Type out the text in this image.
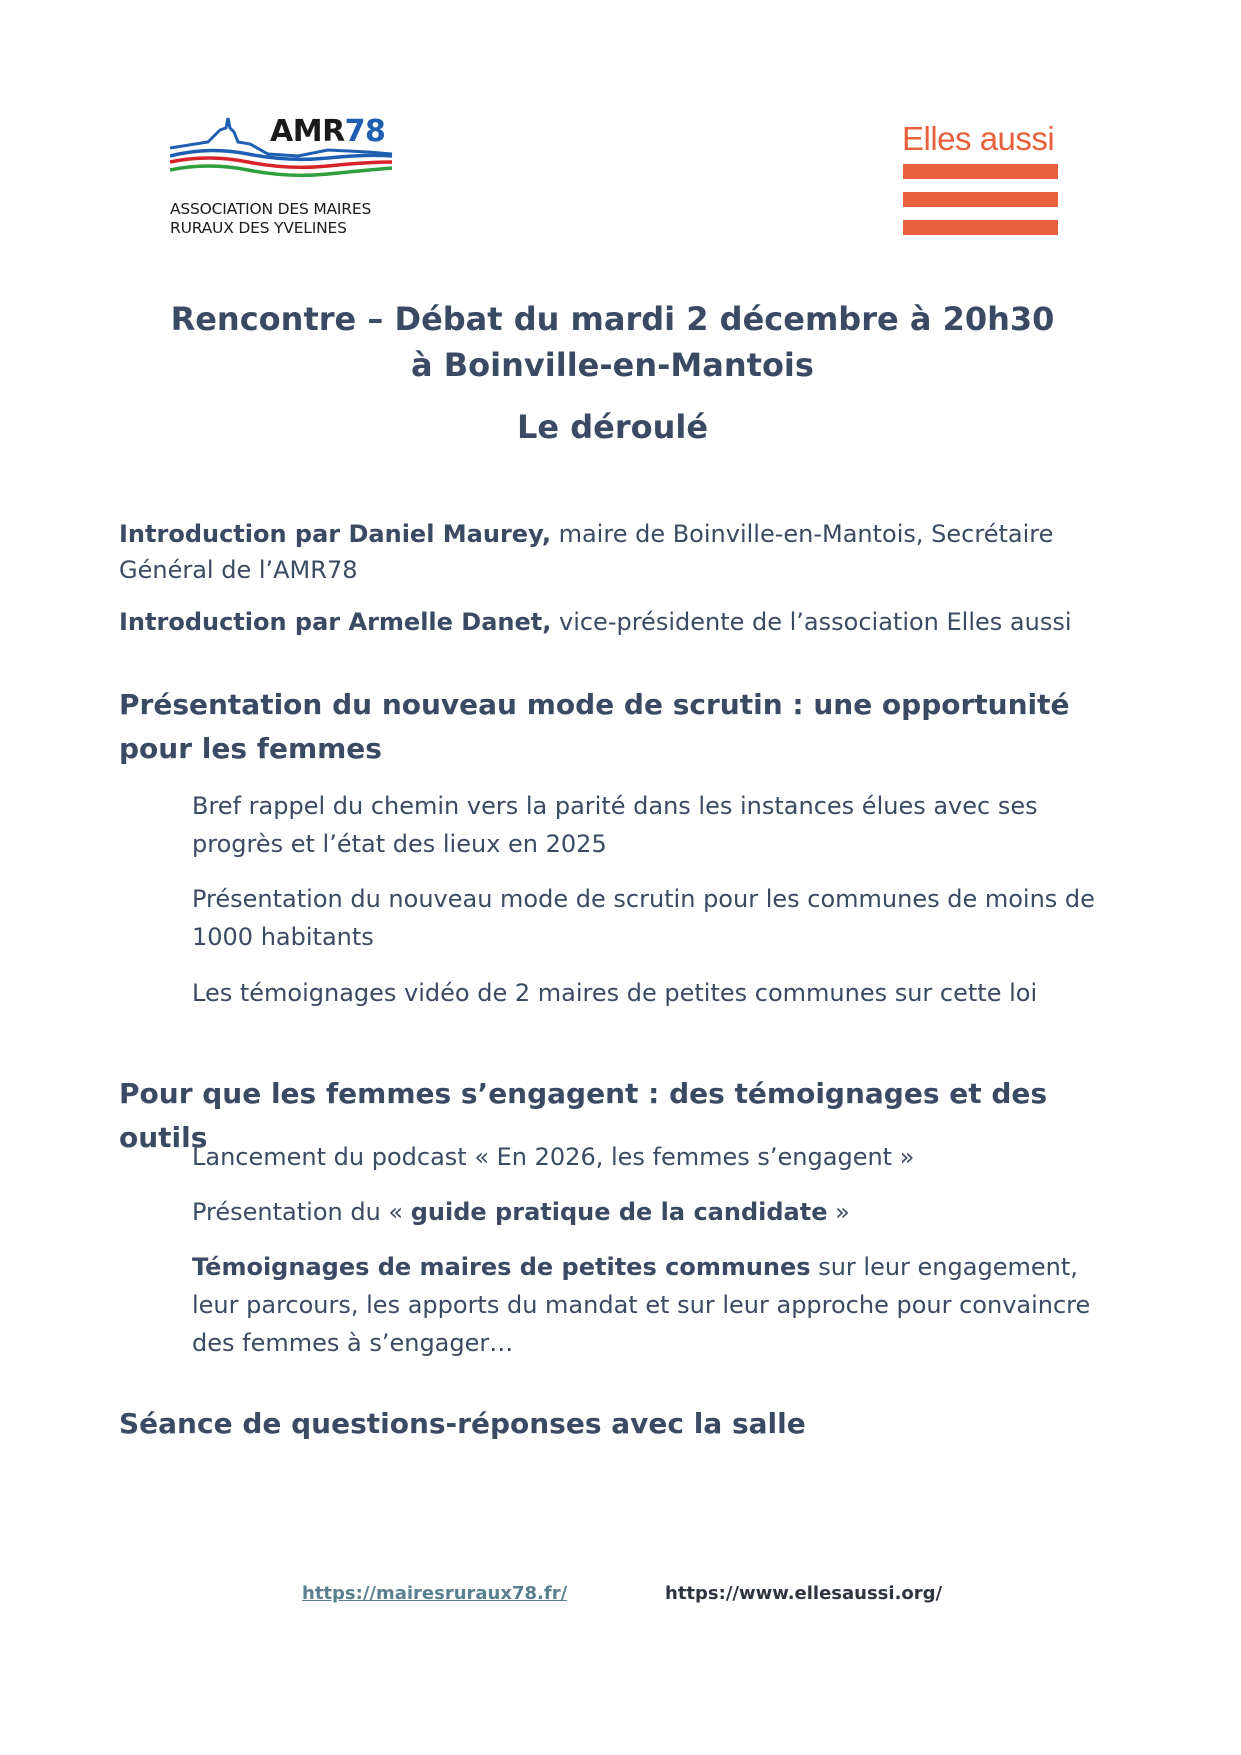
AMR78
ASSOCIATION DES MAIRES
RURAUX DES YVELINES
Elles aussi
Rencontre – Débat du mardi 2 décembre à 20h30
à Boinville-en-Mantois
Le déroulé
Introduction par Daniel Maurey, maire de Boinville-en-Mantois, Secrétaire Général de l’AMR78
Introduction par Armelle Danet, vice-présidente de l’association Elles aussi
Présentation du nouveau mode de scrutin : une opportunité pour les femmes
Bref rappel du chemin vers la parité dans les instances élues avec ses progrès et l’état des lieux en 2025
Présentation du nouveau mode de scrutin pour les communes de moins de 1000 habitants
Les témoignages vidéo de 2 maires de petites communes sur cette loi
Pour que les femmes s’engagent : des témoignages et des outils
Lancement du podcast « En 2026, les femmes s’engagent »
Présentation du « guide pratique de la candidate »
Témoignages de maires de petites communes sur leur engagement, leur parcours, les apports du mandat et sur leur approche pour convaincre des femmes à s’engager…
Séance de questions-réponses avec la salle
https://mairesruraux78.fr/	https://www.ellesaussi.org/
